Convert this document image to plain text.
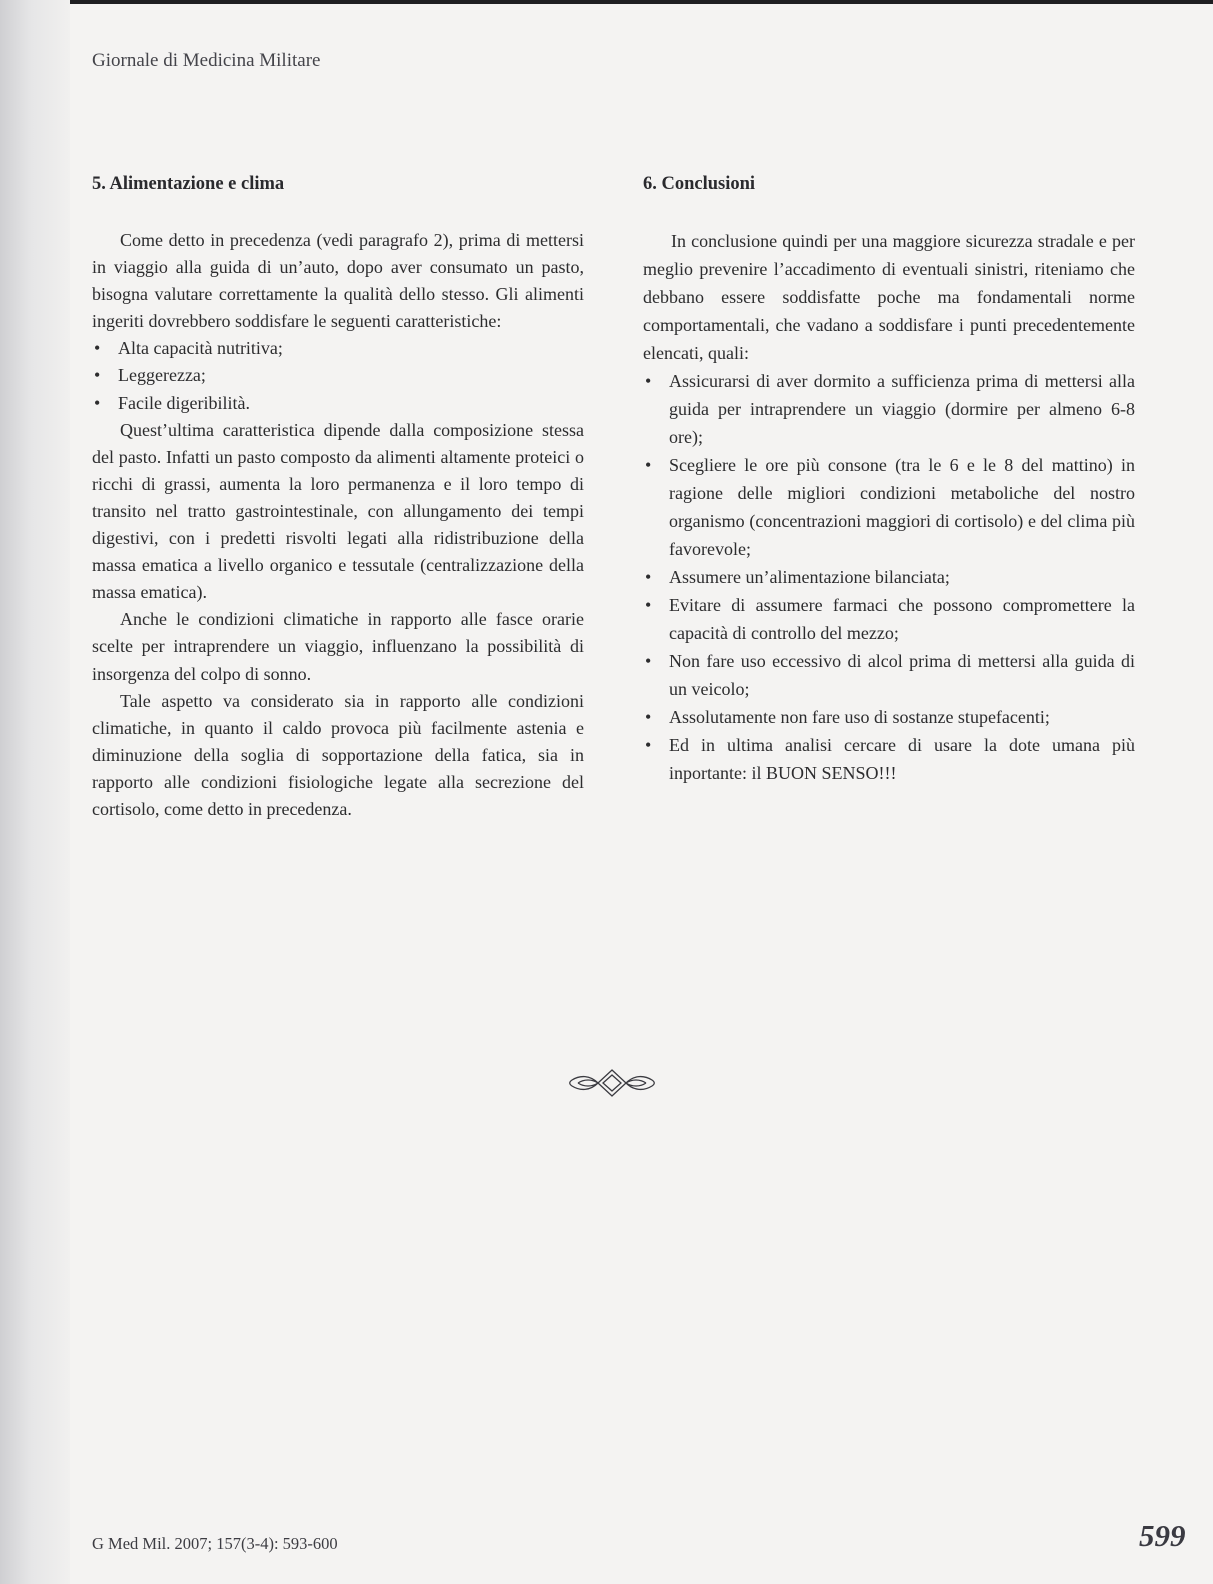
Giornale di Medicina Militare

5. Alimentazione e clima

Come detto in precedenza (vedi paragrafo 2), prima di mettersi in viaggio alla guida di un’auto, dopo aver consumato un pasto, bisogna valutare correttamente la qualità dello stesso. Gli alimenti ingeriti dovrebbero soddisfare le seguenti caratteristiche:

• Alta capacità nutritiva;
• Leggerezza;
• Facile digeribilità.

Quest’ultima caratteristica dipende dalla composizione stessa del pasto. Infatti un pasto composto da alimenti altamente proteici o ricchi di grassi, aumenta la loro permanenza e il loro tempo di transito nel tratto gastrointestinale, con allungamento dei tempi digestivi, con i predetti risvolti legati alla ridistribuzione della massa ematica a livello organico e tessutale (centralizzazione della massa ematica).

Anche le condizioni climatiche in rapporto alle fasce orarie scelte per intraprendere un viaggio, influenzano la possibilità di insorgenza del colpo di sonno.

Tale aspetto va considerato sia in rapporto alle condizioni climatiche, in quanto il caldo provoca più facilmente astenia e diminuzione della soglia di sopportazione della fatica, sia in rapporto alle condizioni fisiologiche legate alla secrezione del cortisolo, come detto in precedenza.

6. Conclusioni

In conclusione quindi per una maggiore sicurezza stradale e per meglio prevenire l’accadimento di eventuali sinistri, riteniamo che debbano essere soddisfatte poche ma fondamentali norme comportamentali, che vadano a soddisfare i punti precedentemente elencati, quali:

• Assicurarsi di aver dormito a sufficienza prima di mettersi alla guida per intraprendere un viaggio (dormire per almeno 6-8 ore);
• Scegliere le ore più consone (tra le 6 e le 8 del mattino) in ragione delle migliori condizioni metaboliche del nostro organismo (concentrazioni maggiori di cortisolo) e del clima più favorevole;
• Assumere un’alimentazione bilanciata;
• Evitare di assumere farmaci che possono compromettere la capacità di controllo del mezzo;
• Non fare uso eccessivo di alcol prima di mettersi alla guida di un veicolo;
• Assolutamente non fare uso di sostanze stupefacenti;
• Ed in ultima analisi cercare di usare la dote umana più inportante: il BUON SENSO!!!

G Med Mil. 2007; 157(3-4): 593-600	599
